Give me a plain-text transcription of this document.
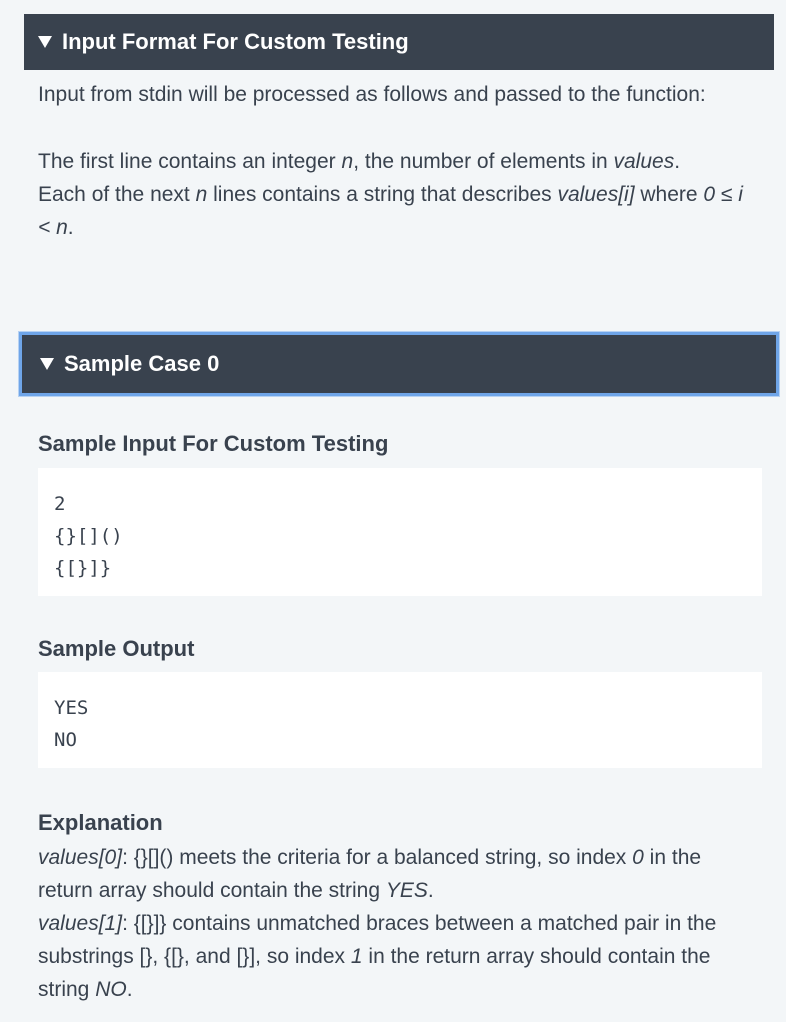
Input Format For Custom Testing

Input from stdin will be processed as follows and passed to the function:

The first line contains an integer n, the number of elements in values.

Each of the next n lines contains a string that describes values[i] where 0 ≤ i < n.

Sample Case 0
Sample Input For Custom Testing
2
{}[]()
{[}]}
Sample Output
YES
NO
Explanation

values[0]: {}[]() meets the criteria for a balanced string, so index 0 in the return array should contain the string YES.

values[1]: {[}]} contains unmatched braces between a matched pair in the substrings [}, {[}, and [}], so index 1 in the return array should contain the string NO.
